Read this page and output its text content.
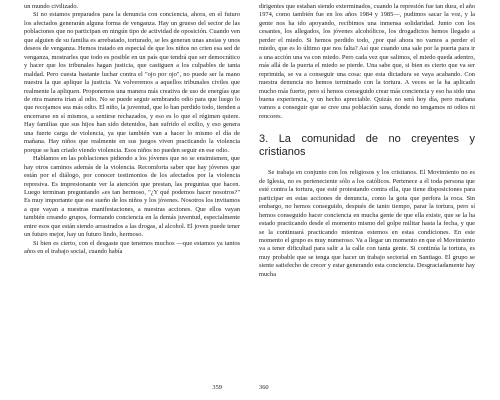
un mundo civilizado.

Si no estamos preparados para la denuncia con conciencia, ahora, en el futuro los afectados generarán alguna forma de venganza. Hay un grueso del sector de las poblaciones que no participan en ningún tipo de actividad de oposición. Cuando ven que alguien de su familia es arrebatado, torturado, se les generan unas ansias y unos deseos de venganza. Hemos tratado en especial de que los niños no crien esa sed de venganza, mostrarles que todo es posible en un país que tendrá que ser democrático y hacer que los tribunales hagan justicia, que castiguen a los culpables de tanta maldad. Pero cuesta bastante luchar contra el "ojo por ojo", no puede ser la mano nuestra la que aplique la justicia. Ya volveremos a aquellos tribunales civiles que realmente la apliquen. Proponemos una manera más creativa de uso de energías que de otra manera irían al odio. No se puede seguir sembrando odio para que luego lo que recojamos sea más odio. El niño, la juventud, que lo han perdido todo, tienden a encerrarse en sí mismos, a sentirse rechazados, y eso es lo que el régimen quiere. Hay familias que sus hijos han sido detenidos, han sufrido el exilio, y eso genera una fuerte carga de violencia, ya que también van a hacer lo mismo el día de mañana. Hay niños que realmente en sus juegos viven practicando la violencia porque se han criado viendo violencia. Esos niños no pueden seguir en ese odio.

Hablamos en las poblaciones pidiendo a los jóvenes que no se ensimismen, que hay otros caminos además de la violencia. Recomforta saber que hay jóvenes que están por el diálogo, por conocer testimonios de los afectados por la violencia represiva. Es impresionante ver la atención que prestan, las preguntas que hacen. Luego terminan preguntando «es tan hermoso, "¿Y qué podemos hacer nosotros?" Es muy importante que ese sueño de los niños y los jóvenes. Nosotros los invitamos a que vayan a nuestras manifestaciones, a nuestras acciones. Que ellos vayan también creando grupos, formando conciencia en la demás juventud, especialmente entre esos que están siendo arrastrados a las drogas, al alcohol. El joven puede tener un futuro mejor, hay un futuro lindo, hermoso.

Si bien es cierto, con el desgaste que tenemos muchos —que estamos ya tantos años en el trabajo social, cuando había

359

dirigentes que estaban siendo exterminados, cuando la represión fue tan dura, el año 1974, como también fue en los años 1984 y 1985—, pudimos sacar la voz, y la gente nos ha ido apoyando, recibimos una inmensa solidaridad. Junto con los cesantes, los allegados, los jóvenes alcohólicos, los drogadictos hemos llegado a perder el miedo. Si hemos perdido todo, ¿por qué ahora no vamos a perder el miedo, que es lo último que nos falta? Así que cuando una sale por la puerta para ir a una acción una va con miedo. Pero cada vez que salimos, el miedo queda adentro, más allá de la puerta el miedo se pierde. Una sabe que, si bien es cierto que va ser reprimida, se va a conseguir una cosa: que esta dictadura se vaya acabando. Con nuestra denuncia no hemos terminado con la tortura. A veces se la ha aplicado mucho más fuerte, pero sí hemos conseguido crear más conciencia y eso ha sido una buena experiencia, y un hecho apreciable. Quizás no será hoy día, pero mañana vamos a conseguir que se cree una población sana, donde no tengamos ni odios ni rencores.

3. La comunidad de no creyentes y cristianos

Se trabaja en conjunto con los religiosos y los cristianos. El Movimiento no es de Iglesia, no es perteneciente sólo a los católicos. Pertenece a él toda persona que esté contra la tortura, que esté protestando contra ella, que tiene disposiciones para participar en estas acciones de denuncia, como la gota que perfora la roca. Sin embargo, no hemos conseguido, después de tanto tiempo, parar la tortura, pero sí hemos conseguido hacer conciencia en mucha gente de que ella existe, que se la ha estado practicando desde el momento mismo del golpe militar hasta la fecha, y que se la continuará practicando mientras estemos en estas condiciones. En este momento el grupo es muy numeroso. Va a llegar un momento en que el Movimiento va a tener dificultad para salir a la calle con tanta gente. Si continúa la tortura, es muy probable que se tenga que hacer un trabajo sectorial en Santiago. El grupo se siente satisfecho de crecer y estar generando esta conciencia. Desgraciadamente hay mucha

360
